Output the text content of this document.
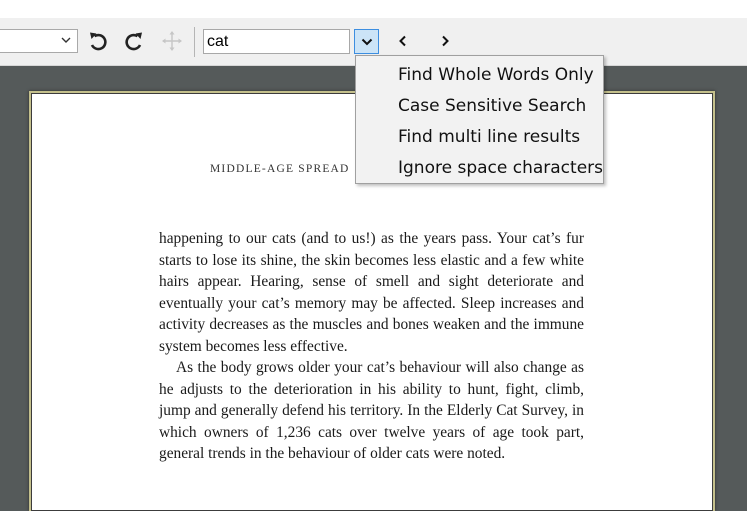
cat
MIDDLE-AGE SPREAD

happening to our cats (and to us!) as the years pass. Your cat’s fur starts to lose its shine, the skin becomes less elastic and a few white hairs appear. Hearing, sense of smell and sight deteriorate and eventually your cat’s memory may be affected. Sleep increases and activity decreases as the muscles and bones weaken and the immune system becomes less effective.

As the body grows older your cat’s behaviour will also change as he adjusts to the deterioration in his ability to hunt, fight, climb, jump and generally defend his territory. In the Elderly Cat Survey, in which owners of 1,236 cats over twelve years of age took part, general trends in the behaviour of older cats were noted.

Find Whole Words Only
Case Sensitive Search
Find multi line results
Ignore space characters
